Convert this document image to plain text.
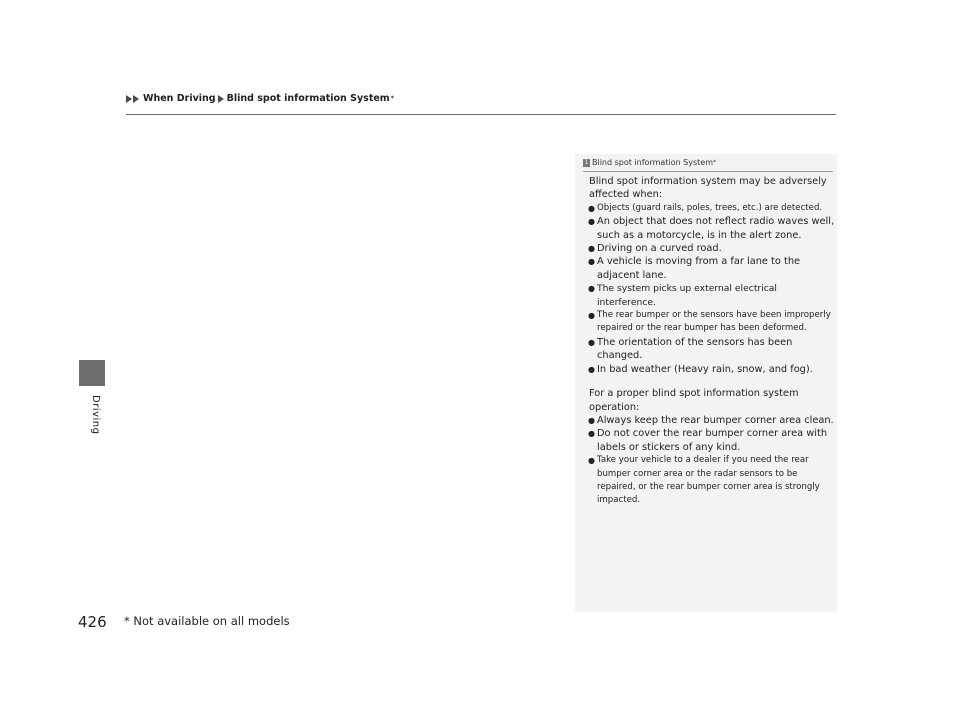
When Driving Blind spot information System *
Driving
1 Blind spot information System *

Blind spot information system may be adversely affected when:

● Objects (guard rails, poles, trees, etc.) are detected.
● An object that does not reflect radio waves well, such as a motorcycle, is in the alert zone.
● Driving on a curved road.
● A vehicle is moving from a far lane to the adjacent lane.
● The system picks up external electrical interference.
● The rear bumper or the sensors have been improperly repaired or the rear bumper has been deformed.
● The orientation of the sensors has been changed.
● In bad weather (Heavy rain, snow, and fog).

For a proper blind spot information system operation:

● Always keep the rear bumper corner area clean.
● Do not cover the rear bumper corner area with labels or stickers of any kind.
● Take your vehicle to a dealer if you need the rear bumper corner area or the radar sensors to be repaired, or the rear bumper corner area is strongly impacted.
426 * Not available on all models
